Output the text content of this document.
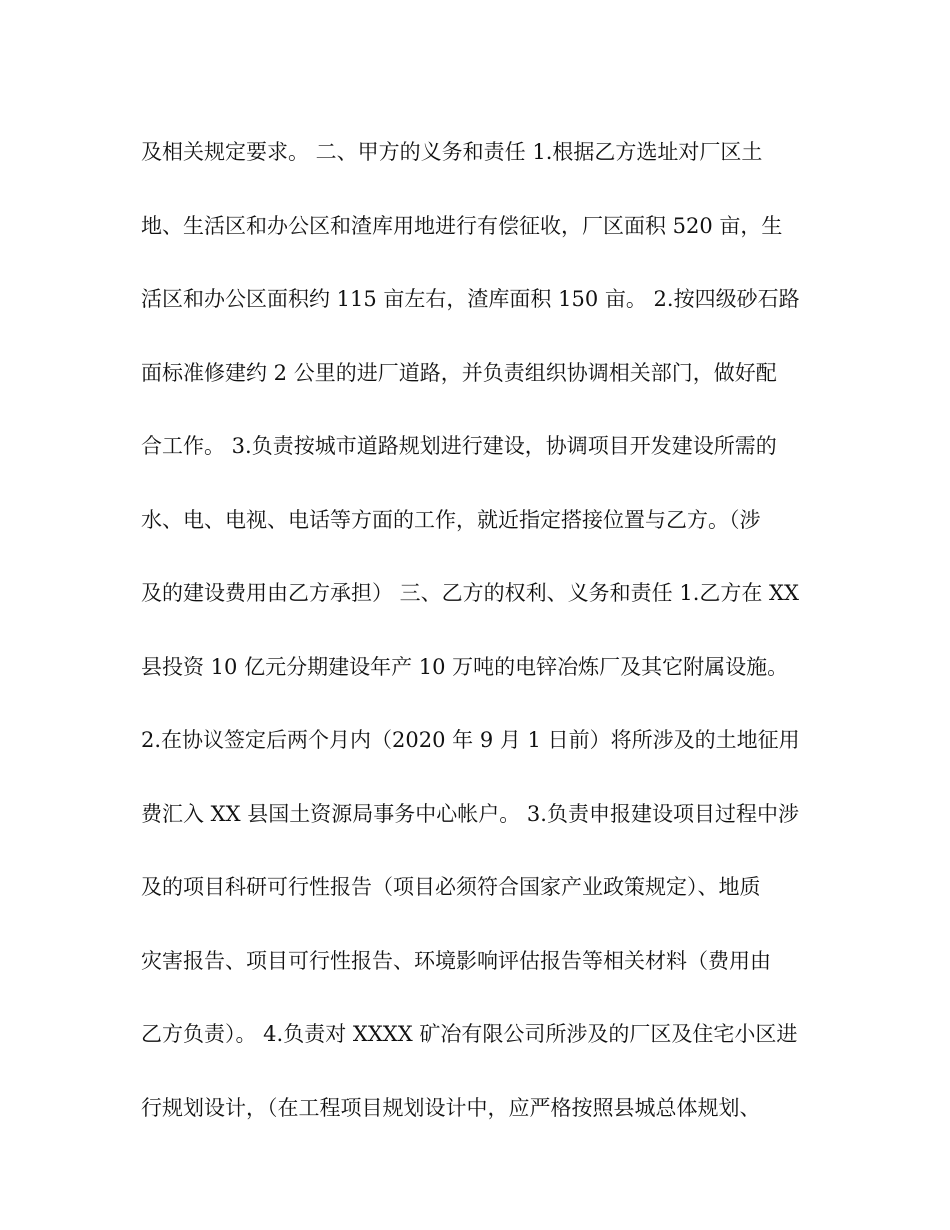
及相关规定要求。 二、甲方的义务和责任 1.根据乙方选址对厂区土
地、生活区和办公区和渣库用地进行有偿征收，厂区面积 520 亩，生
活区和办公区面积约 115 亩左右，渣库面积 150 亩。 2.按四级砂石路
面标准修建约 2 公里的进厂道路，并负责组织协调相关部门，做好配
合工作。 3.负责按城市道路规划进行建设，协调项目开发建设所需的
水、电、电视、电话等方面的工作，就近指定搭接位置与乙方。（涉
及的建设费用由乙方承担） 三、乙方的权利、义务和责任 1.乙方在 XX
县投资 10 亿元分期建设年产 10 万吨的电锌冶炼厂及其它附属设施。
2.在协议签定后两个月内（2020 年 9 月 1 日前）将所涉及的土地征用
费汇入 XX 县国土资源局事务中心帐户。 3.负责申报建设项目过程中涉
及的项目科研可行性报告（项目必须符合国家产业政策规定）、地质
灾害报告、项目可行性报告、环境影响评估报告等相关材料（费用由
乙方负责）。 4.负责对 XXXX 矿冶有限公司所涉及的厂区及住宅小区进
行规划设计，（在工程项目规划设计中，应严格按照县城总体规划、
